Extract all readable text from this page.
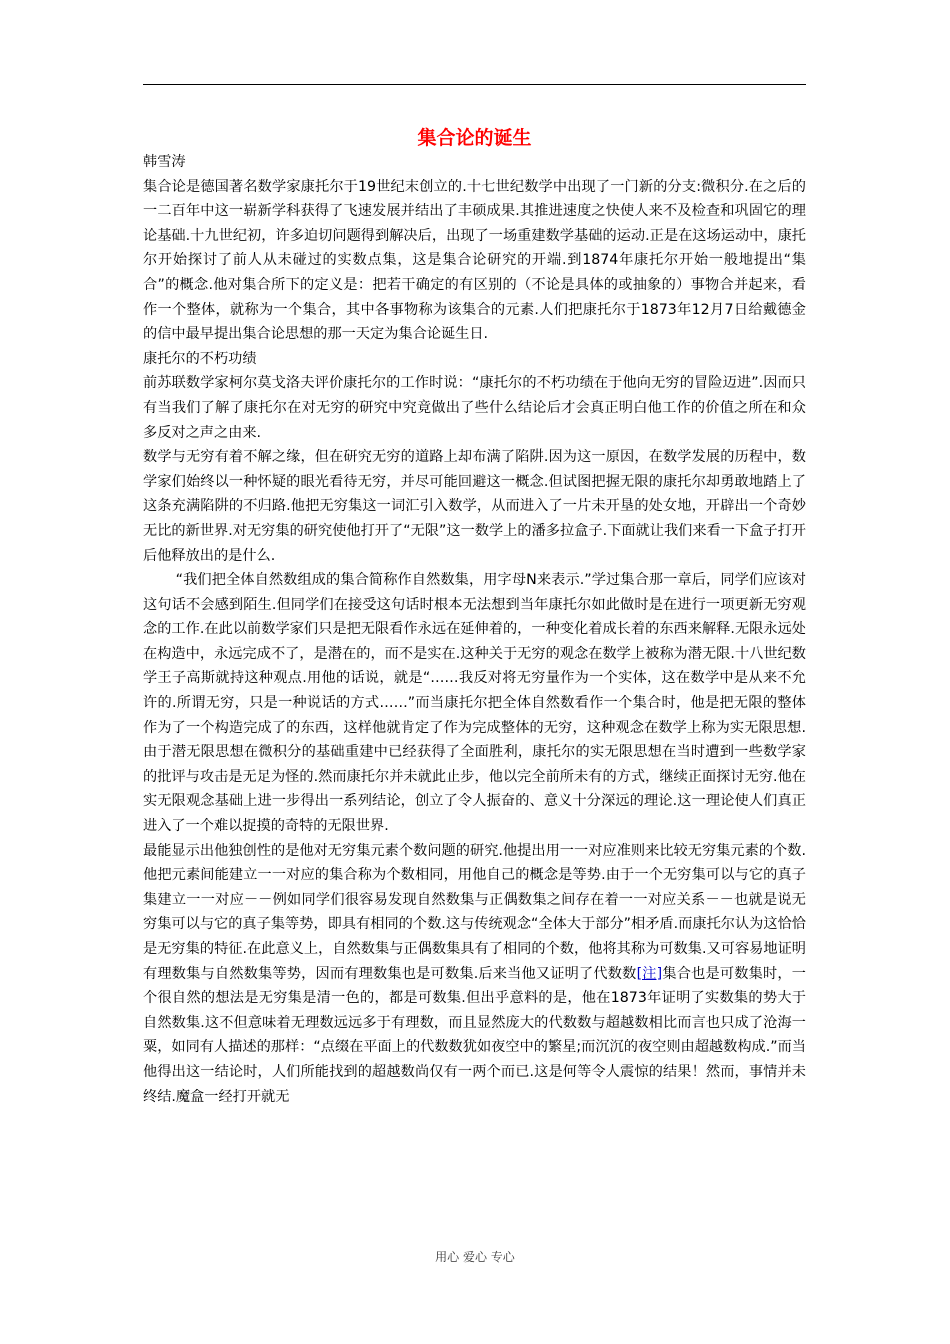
集合论的诞生

韩雪涛

集合论是德国著名数学家康托尔于19世纪末创立的.十七世纪数学中出现了一门新的分支:微积分.在之后的一二百年中这一崭新学科获得了飞速发展并结出了丰硕成果.其推进速度之快使人来不及检查和巩固它的理论基础.十九世纪初，许多迫切问题得到解决后，出现了一场重建数学基础的运动.正是在这场运动中，康托尔开始探讨了前人从未碰过的实数点集，这是集合论研究的开端.到1874年康托尔开始一般地提出“集合”的概念.他对集合所下的定义是：把若干确定的有区别的（不论是具体的或抽象的）事物合并起来，看作一个整体，就称为一个集合，其中各事物称为该集合的元素.人们把康托尔于1873年12月7日给戴德金的信中最早提出集合论思想的那一天定为集合论诞生日.

康托尔的不朽功绩

前苏联数学家柯尔莫戈洛夫评价康托尔的工作时说：“康托尔的不朽功绩在于他向无穷的冒险迈进”.因而只有当我们了解了康托尔在对无穷的研究中究竟做出了些什么结论后才会真正明白他工作的价值之所在和众多反对之声之由来.

数学与无穷有着不解之缘，但在研究无穷的道路上却布满了陷阱.因为这一原因，在数学发展的历程中，数学家们始终以一种怀疑的眼光看待无穷，并尽可能回避这一概念.但试图把握无限的康托尔却勇敢地踏上了这条充满陷阱的不归路.他把无穷集这一词汇引入数学，从而进入了一片未开垦的处女地，开辟出一个奇妙无比的新世界.对无穷集的研究使他打开了“无限”这一数学上的潘多拉盒子.下面就让我们来看一下盒子打开后他释放出的是什么.

“我们把全体自然数组成的集合简称作自然数集，用字母N来表示.”学过集合那一章后，同学们应该对这句话不会感到陌生.但同学们在接受这句话时根本无法想到当年康托尔如此做时是在进行一项更新无穷观念的工作.在此以前数学家们只是把无限看作永远在延伸着的，一种变化着成长着的东西来解释.无限永远处在构造中，永远完成不了，是潜在的，而不是实在.这种关于无穷的观念在数学上被称为潜无限.十八世纪数学王子高斯就持这种观点.用他的话说，就是“……我反对将无穷量作为一个实体，这在数学中是从来不允许的.所谓无穷，只是一种说话的方式……”而当康托尔把全体自然数看作一个集合时，他是把无限的整体作为了一个构造完成了的东西，这样他就肯定了作为完成整体的无穷，这种观念在数学上称为实无限思想.由于潜无限思想在微积分的基础重建中已经获得了全面胜利，康托尔的实无限思想在当时遭到一些数学家的批评与攻击是无足为怪的.然而康托尔并未就此止步，他以完全前所未有的方式，继续正面探讨无穷.他在实无限观念基础上进一步得出一系列结论，创立了令人振奋的、意义十分深远的理论.这一理论使人们真正进入了一个难以捉摸的奇特的无限世界.

最能显示出他独创性的是他对无穷集元素个数问题的研究.他提出用一一对应准则来比较无穷集元素的个数.他把元素间能建立一一对应的集合称为个数相同，用他自己的概念是等势.由于一个无穷集可以与它的真子集建立一一对应－－例如同学们很容易发现自然数集与正偶数集之间存在着一一对应关系－－也就是说无穷集可以与它的真子集等势，即具有相同的个数.这与传统观念“全体大于部分”相矛盾.而康托尔认为这恰恰是无穷集的特征.在此意义上，自然数集与正偶数集具有了相同的个数，他将其称为可数集.又可容易地证明有理数集与自然数集等势，因而有理数集也是可数集.后来当他又证明了代数数[注]集合也是可数集时，一个很自然的想法是无穷集是清一色的，都是可数集.但出乎意料的是，他在1873年证明了实数集的势大于自然数集.这不但意味着无理数远远多于有理数，而且显然庞大的代数数与超越数相比而言也只成了沧海一粟，如同有人描述的那样：“点缀在平面上的代数数犹如夜空中的繁星;而沉沉的夜空则由超越数构成.”而当他得出这一结论时，人们所能找到的超越数尚仅有一两个而已.这是何等令人震惊的结果！然而，事情并未终结.魔盒一经打开就无

用心 爱心 专心
